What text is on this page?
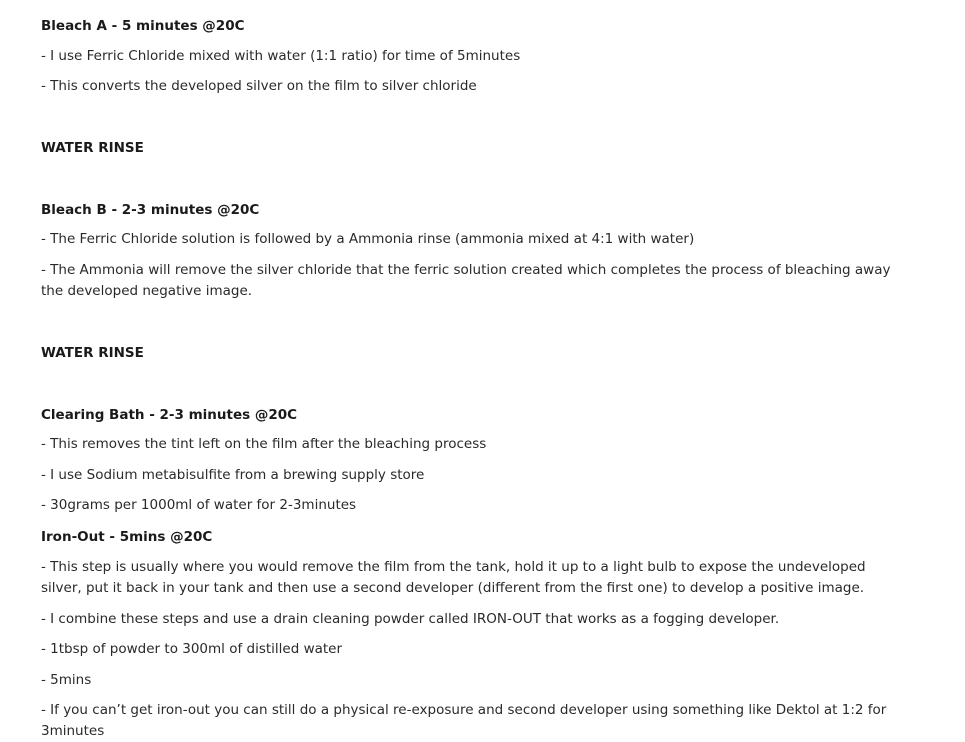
Bleach A - 5 minutes @20C
- I use Ferric Chloride mixed with water (1:1 ratio) for time of 5minutes
- This converts the developed silver on the film to silver chloride
WATER RINSE
Bleach B - 2-3 minutes @20C
- The Ferric Chloride solution is followed by a Ammonia rinse (ammonia mixed at 4:1 with water)
- The Ammonia will remove the silver chloride that the ferric solution created which completes the process of bleaching away the developed negative image.
WATER RINSE
Clearing Bath - 2-3 minutes @20C
- This removes the tint left on the film after the bleaching process
- I use Sodium metabisulfite from a brewing supply store
- 30grams per 1000ml of water for 2-3minutes
Iron-Out - 5mins @20C
- This step is usually where you would remove the film from the tank, hold it up to a light bulb to expose the undeveloped silver, put it back in your tank and then use a second developer (different from the first one) to develop a positive image.
- I combine these steps and use a drain cleaning powder called IRON-OUT that works as a fogging developer.
- 1tbsp of powder to 300ml of distilled water
- 5mins
- If you can’t get iron-out you can still do a physical re-exposure and second developer using something like Dektol at 1:2 for 3minutes
